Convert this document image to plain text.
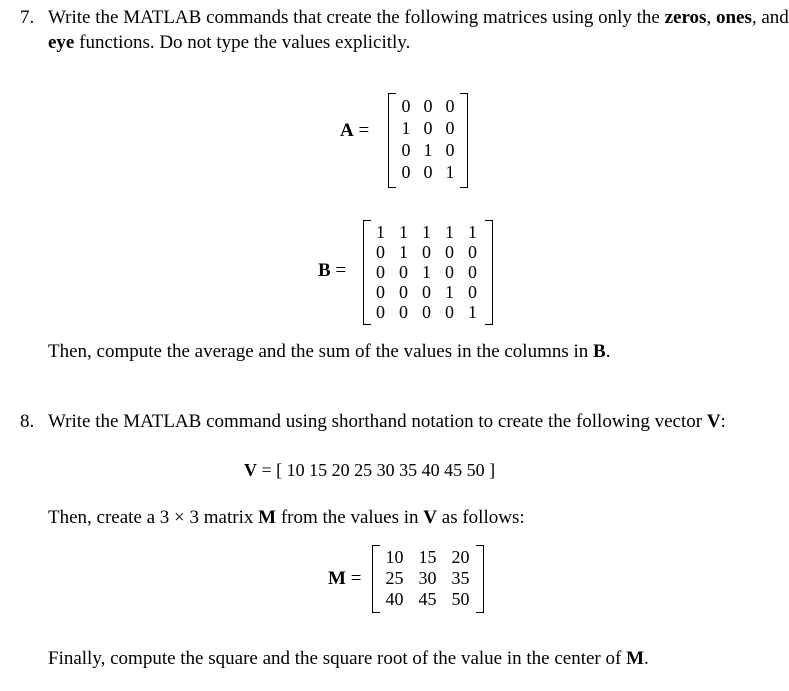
7. Write the MATLAB commands that create the following matrices using only the zeros, ones, and
eye functions. Do not type the values explicitly.
A =
0 0 0
1 0 0
0 1 0
0 0 1
B =
1 1 1 1 1
0 1 0 0 0
0 0 1 0 0
0 0 0 1 0
0 0 0 0 1
Then, compute the average and the sum of the values in the columns in B.
8. Write the MATLAB command using shorthand notation to create the following vector V:
V = [ 10 15 20 25 30 35 40 45 50 ]
Then, create a 3 × 3 matrix M from the values in V as follows:
M =
10 15 20
25 30 35
40 45 50
Finally, compute the square and the square root of the value in the center of M.
